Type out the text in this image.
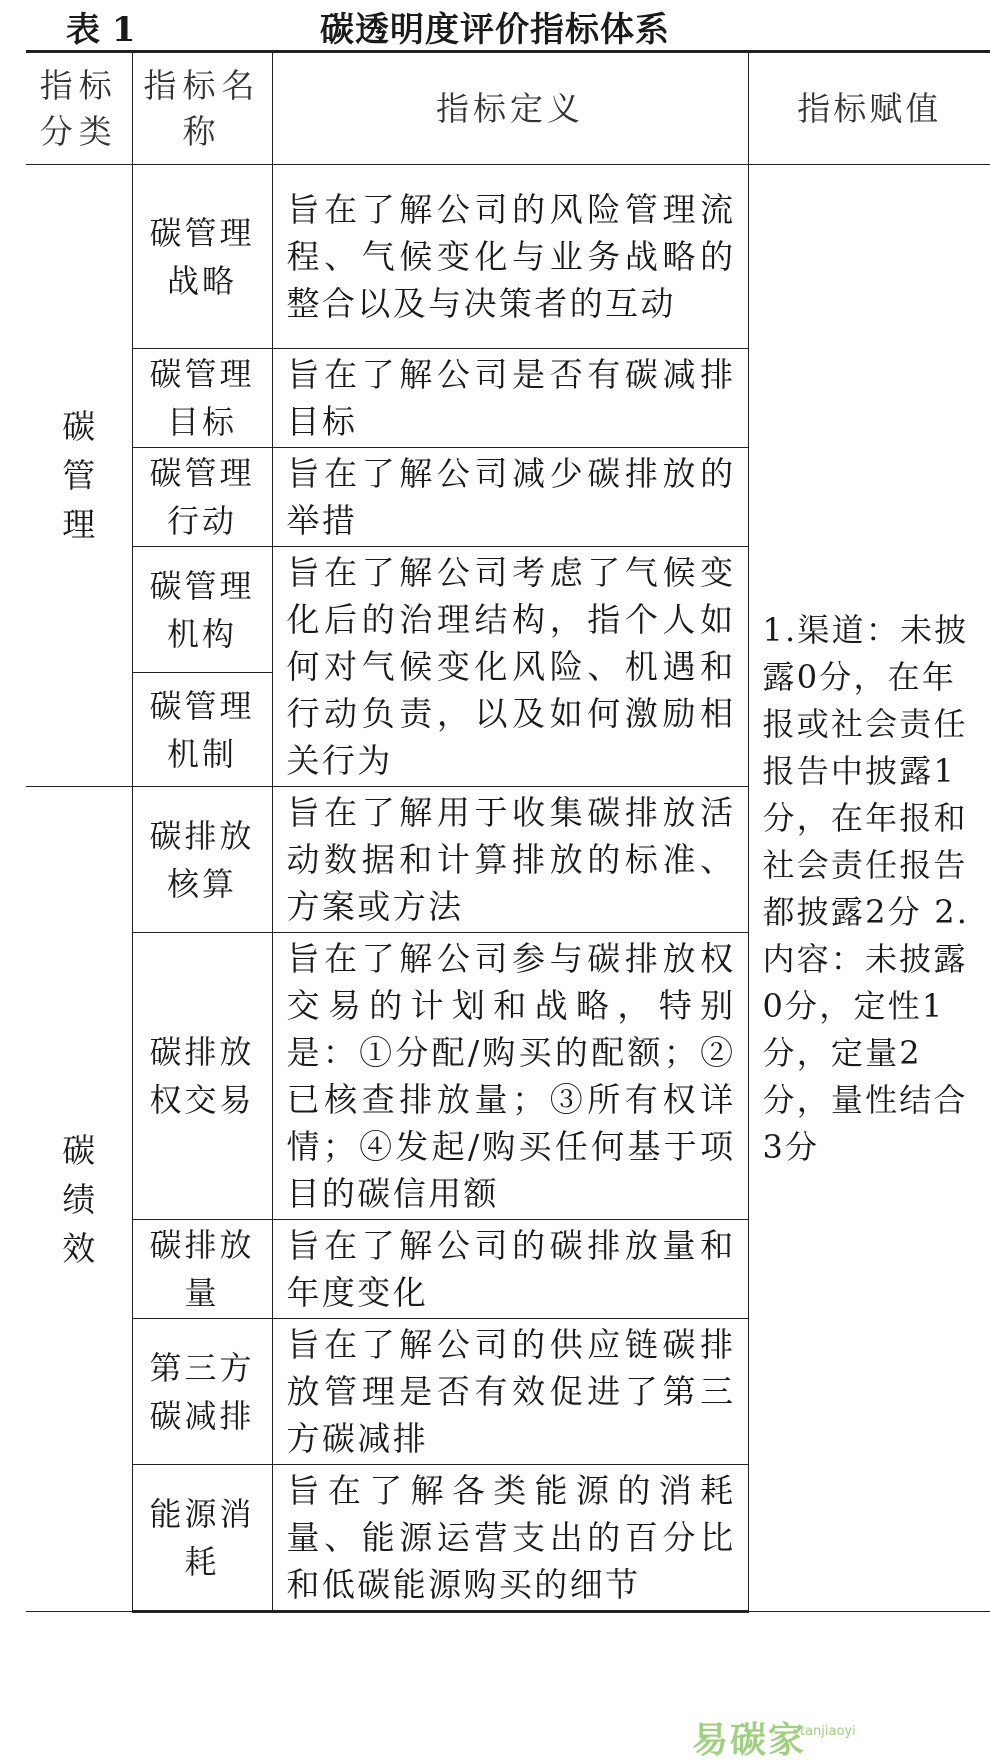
表 1	碳透明度评价指标体系
指标分类	指标名称	指标定义	指标赋值
碳管理	碳管理战略	旨在了解公司的风险管理流程、气候变化与业务战略的整合以及与决策者的互动	1.渠道：未披露0分，在年报或社会责任报告中披露1分，在年报和社会责任报告都披露2分 2.内容：未披露0分，定性1分，定量2分，量性结合3分

	碳管理目标	旨在了解公司是否有碳减排目标	
	碳管理行动	旨在了解公司减少碳排放的举措	
	碳管理机构	旨在了解公司考虑了气候变化后的治理结构，指个人如何对气候变化风险、机遇和行动负责，以及如何激励相关行为	
	碳管理机制		
碳绩效	碳排放核算	旨在了解用于收集碳排放活动数据和计算排放的标准、方案或方法	
	碳排放权交易	旨在了解公司参与碳排放权交易的计划和战略，特别是：①分配/购买的配额；②已核查排放量；③所有权详情；④发起/购买任何基于项目的碳信用额	
	碳排放量	旨在了解公司的碳排放量和年度变化	
	第三方碳减排	旨在了解公司的供应链碳排放管理是否有效促进了第三方碳减排	
	能源消耗	旨在了解各类能源的消耗量、能源运营支出的百分比和低碳能源购买的细节	
易碳家
tanjiaoyi
